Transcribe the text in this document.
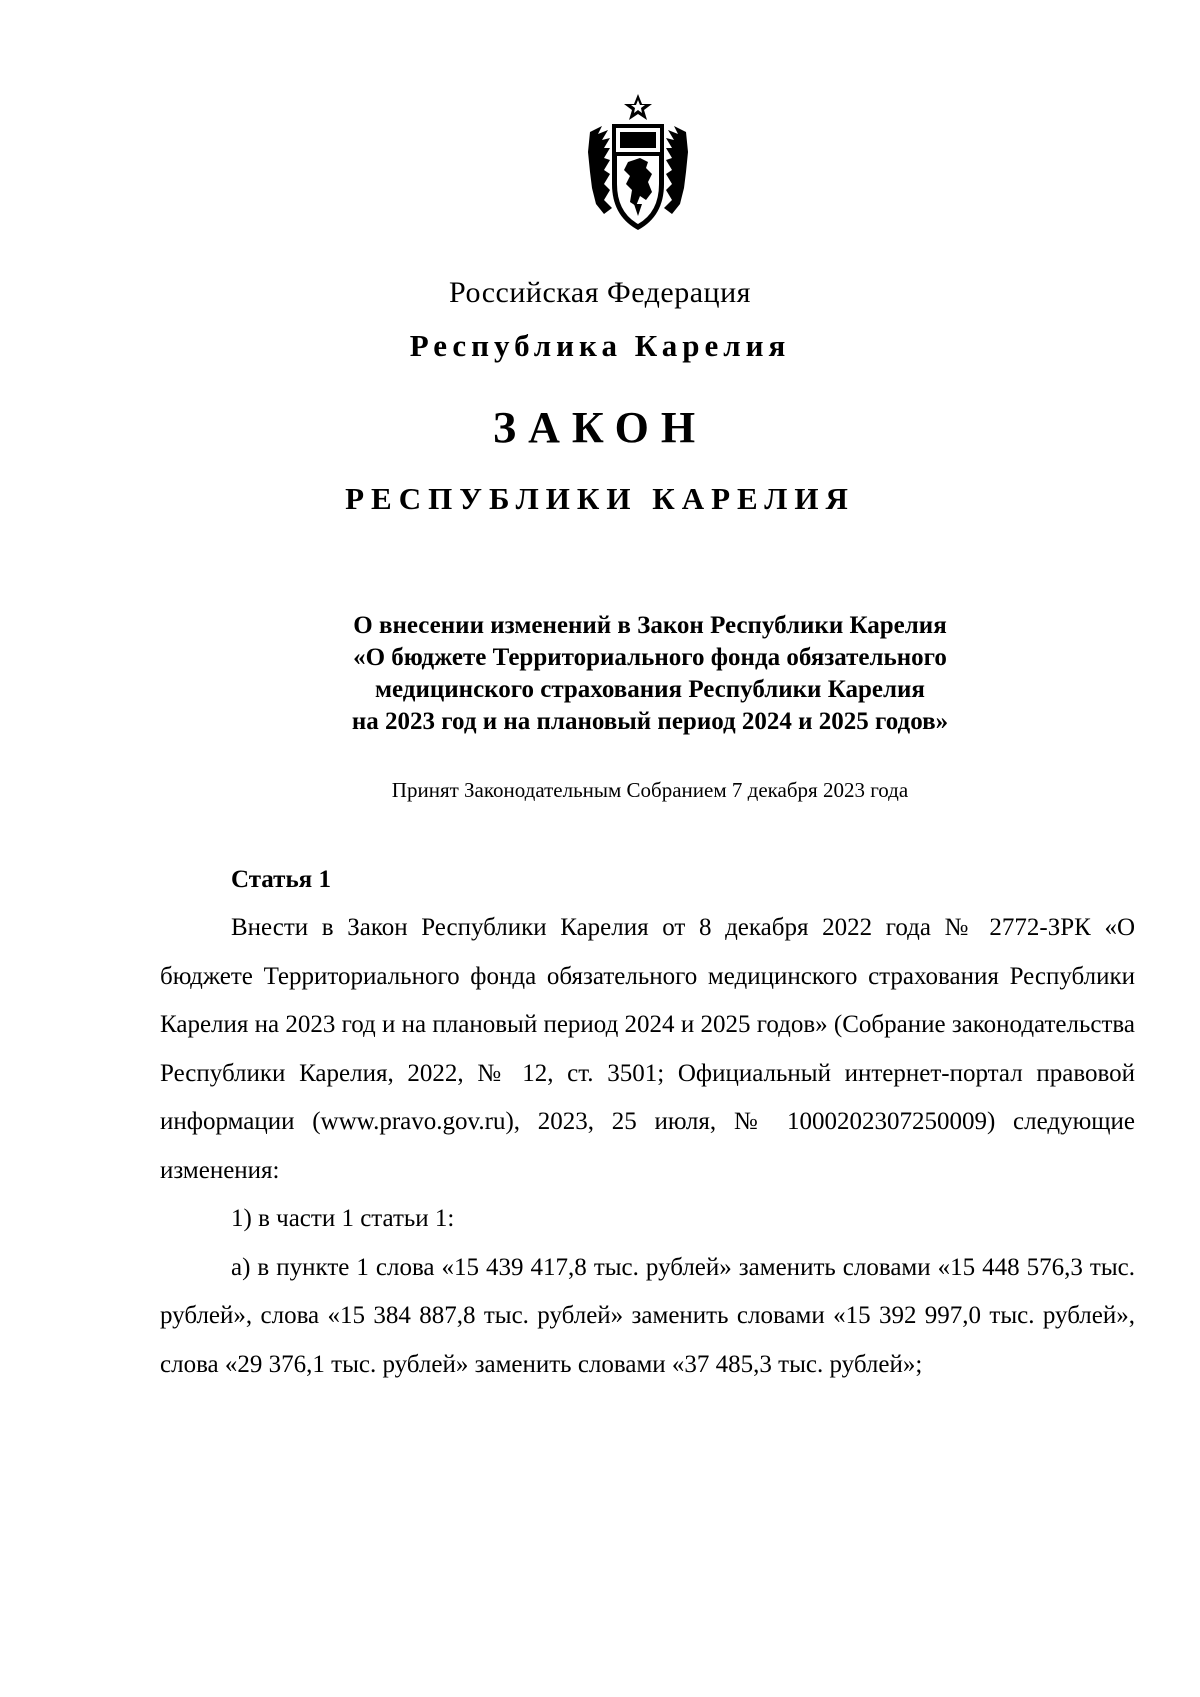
Российская Федерация
Республика Карелия
ЗАКОН
РЕСПУБЛИКИ КАРЕЛИЯ
О внесении изменений в Закон Республики Карелия
«О бюджете Территориального фонда обязательного
медицинского страхования Республики Карелия
на 2023 год и на плановый период 2024 и 2025 годов»
Принят Законодательным Собранием 7 декабря 2023 года
Статья 1

Внести в Закон Республики Карелия от 8 декабря 2022 года № 2772-ЗРК «О бюджете Территориального фонда обязательного медицинского страхования Республики Карелия на 2023 год и на плановый период 2024 и 2025 годов» (Собрание законодательства Республики Карелия, 2022, № 12, ст. 3501; Официальный интернет-портал правовой информации (www.pravo.gov.ru), 2023, 25 июля, № 1000202307250009) следующие изменения:

1) в части 1 статьи 1:

а) в пункте 1 слова «15 439 417,8 тыс. рублей» заменить словами «15 448 576,3 тыс. рублей», слова «15 384 887,8 тыс. рублей» заменить словами «15 392 997,0 тыс. рублей», слова «29 376,1 тыс. рублей» заменить словами «37 485,3 тыс. рублей»;
